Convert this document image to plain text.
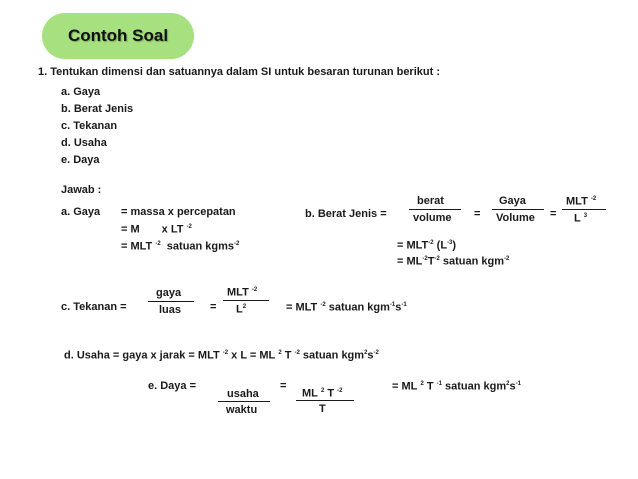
Contoh Soal
1. Tentukan dimensi dan satuannya dalam SI untuk besaran turunan berikut :
a. Gaya
b. Berat Jenis
c. Tekanan
d. Usaha
e. Daya
Jawab :
a. Gaya = massa x percepatan
= M x LT $^{-2}$
= MLT $^{-2}$ satuan kgms$^{-2}$
b. Berat Jenis =
berat
volume =
Gaya
Volume =
MLT $^{-2}$
L $^3$
= $MLT^{-2}$ $(L^{-3})$
= $ML^{-2}T^{-2}$ satuan kgm$^{-2}$
c. Tekanan =
gaya
luas	=
MLT $^{-2}$
$L^2$	= MLT $^{-2}$ satuan $kgm^{-1}s^{-1}$
d. Usaha = gaya x jarak = MLT $^{-2}$ x L = ML $^2$ T $^{-2}$ satuan $kgm^2s^{-2}$
e. Daya =
usaha
waktu
=
ML $^2$ T $^{-2}$
T
= ML $^2$ T $^{-1}$ satuan $kgm^2s^{-1}$
